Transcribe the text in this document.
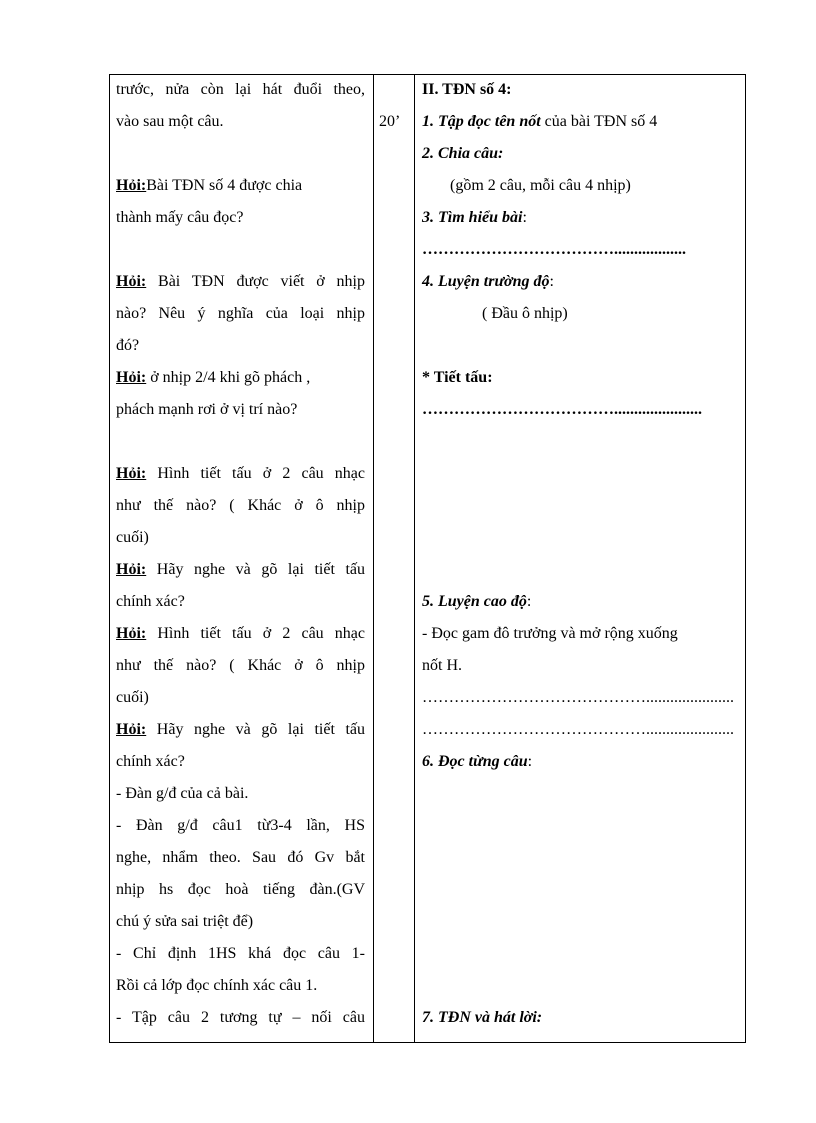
trước, nửa còn lại hát đuổi theo,
vào sau một câu.
Hỏi:Bài TĐN số 4 được chia
thành mấy câu đọc?
Hỏi: Bài TĐN được viết ở nhịp
nào? Nêu ý nghĩa của loại nhịp
đó?
Hỏi: ở nhịp 2/4 khi gõ phách ,
phách mạnh rơi ở vị trí nào?
Hỏi: Hình tiết tấu ở 2 câu nhạc
như thế nào? ( Khác ở ô nhịp
cuối)
Hỏi: Hãy nghe và gõ lại tiết tấu
chính xác?
Hỏi: Hình tiết tấu ở 2 câu nhạc
như thế nào? ( Khác ở ô nhịp
cuối)
Hỏi: Hãy nghe và gõ lại tiết tấu
chính xác?
- Đàn g/đ của cả bài.
- Đàn g/đ câu1 từ3-4 lần, HS
nghe, nhẩm theo. Sau đó Gv bắt
nhịp hs đọc hoà tiếng đàn.(GV
chú ý sửa sai triệt để)
- Chỉ định 1HS khá đọc câu 1-
Rồi cả lớp đọc chính xác câu 1.
- Tập câu 2 tương tự – nối câu
20’
II. TĐN số 4:
1. Tập đọc tên nốt của bài TĐN số 4
2. Chia câu:
(gồm 2 câu, mỗi câu 4 nhịp)
3. Tìm hiểu bài:
………………………………..................
4. Luyện trường độ:
( Đầu ô nhịp)
* Tiết tấu:
………………………………......................
5. Luyện cao độ:
- Đọc gam đô trưởng và mở rộng xuống
nốt H.
……………………………………......................
……………………………………......................
6. Đọc từng câu:
7. TĐN và hát lời:
